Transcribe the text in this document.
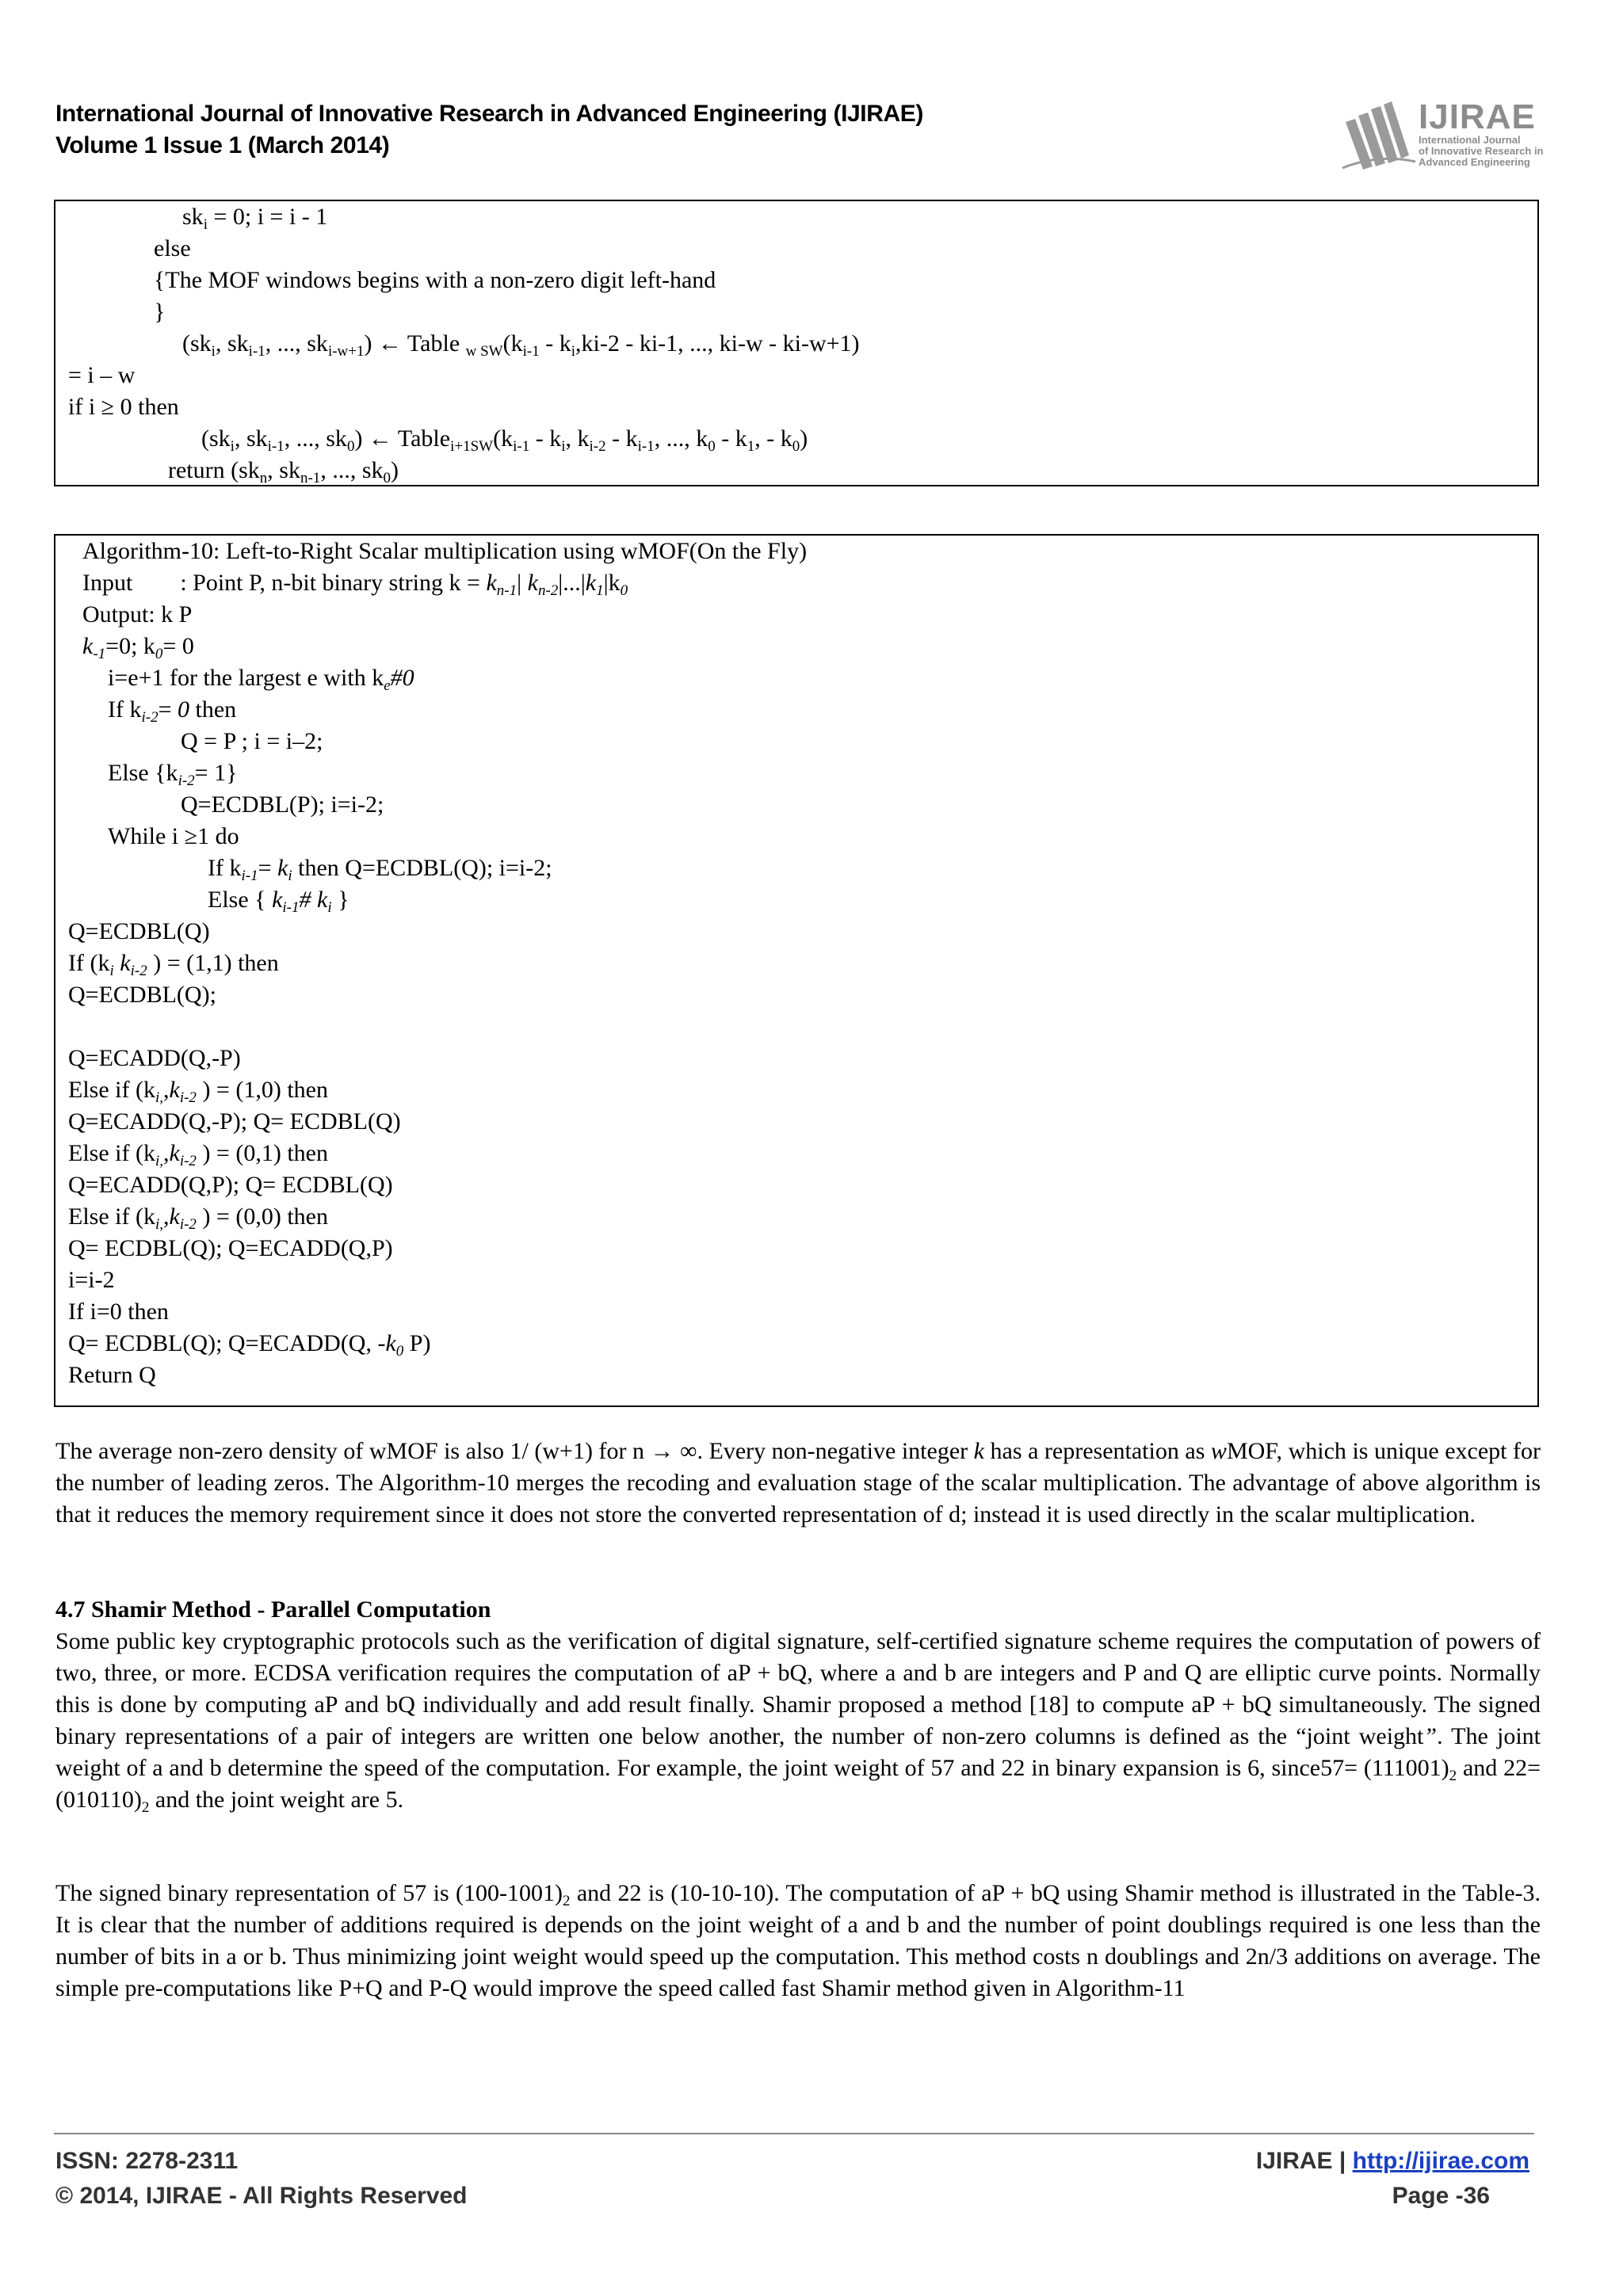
International Journal of Innovative Research in Advanced Engineering (IJIRAE)
Volume 1 Issue 1 (March 2014)
IJIRAE
International Journal
of Innovative Research in
Advanced Engineering
$sk_i = 0$; i = i - 1
else
{The MOF windows begins with a non-zero digit left-hand
}
($sk_i$, $sk_{i-1}$, ..., $sk_{i-w+1}$) ← Table $_{w SW}(k_{i-1} - k_i,ki-2 - ki-1$, ..., ki-w - ki-w+1)
= i – w
if i ≥ 0 then
($sk_i$, $sk_{i-1}$, ..., $sk_0$) ← $Table_{i+1SW}(k_{i-1} - k_i$, $k_{i-2} - k_{i-1}$, ..., $k_0 - k_1$, - $k_0$)
return ($sk_n$, $sk_{n-1}$, ..., $sk_0$)
Algorithm-10: Left-to-Right Scalar multiplication using wMOF(On the Fly)
Input        : Point P, n-bit binary string $k = k_{n-1}|$ $k_{n-2}|...|k_1|k_0$
Output: k P
$k_{-1}=0$; $k_0= 0$
i=e+1 for the largest e with $k_e\#0$
If $k_{i-2}= 0$ then
Q = P ; i = i–2;
Else $\{k_{i-2}= 1\}$
Q=ECDBL(P); i=i-2;
While i ≥1 do
If $k_{i-1}= k_i$ then Q=ECDBL(Q); i=i-2;
Else { $k_{i-1}\#$ $k_i$ }
Q=ECDBL(Q)
If ($k_i$ $k_{i-2}$ ) = (1,1) then
Q=ECDBL(Q);
Q=ECADD(Q,-P)
Else if ($k_{i,},k_{i-2}$ ) = (1,0) then
Q=ECADD(Q,-P); Q= ECDBL(Q)
Else if ($k_{i,},k_{i-2}$ ) = (0,1) then
Q=ECADD(Q,P); Q= ECDBL(Q)
Else if ($k_{i,},k_{i-2}$ ) = (0,0) then
Q= ECDBL(Q); Q=ECADD(Q,P)
i=i-2
If i=0 then
Q= ECDBL(Q); Q=ECADD(Q, $-k_0$ P)
Return Q
The average non-zero density of wMOF is also 1/ (w+1) for n → ∞. Every non-negative integer k has a representation as wMOF, which is unique except for the number of leading zeros. The Algorithm-10 merges the recoding and evaluation stage of the scalar multiplication. The advantage of above algorithm is that it reduces the memory requirement since it does not store the converted representation of d; instead it is used directly in the scalar multiplication.
4.7 Shamir Method - Parallel Computation
Some public key cryptographic protocols such as the verification of digital signature, self-certified signature scheme requires the computation of powers of two, three, or more. ECDSA verification requires the computation of aP + bQ, where a and b are integers and P and Q are elliptic curve points. Normally this is done by computing aP and bQ individually and add result finally. Shamir proposed a method [18] to compute aP + bQ simultaneously. The signed binary representations of a pair of integers are written one below another, the number of non-zero columns is defined as the “joint weight”. The joint weight of a and b determine the speed of the computation. For example, the joint weight of 57 and 22 in binary expansion is 6, since57= $(111001)_2$ and $22= (010110)_2$ and the joint weight are 5.
The signed binary representation of 57 is $(100-1001)_2$ and 22 is (10-10-10). The computation of aP + bQ using Shamir method is illustrated in the Table-3. It is clear that the number of additions required is depends on the joint weight of a and b and the number of point doublings required is one less than the number of bits in a or b. Thus minimizing joint weight would speed up the computation. This method costs n doublings and 2n/3 additions on average. The simple pre-computations like P+Q and P-Q would improve the speed called fast Shamir method given in Algorithm-11
ISSN: 2278-2311
© 2014, IJIRAE - All Rights Reserved
IJIRAE | http://ijirae.com
Page -36
